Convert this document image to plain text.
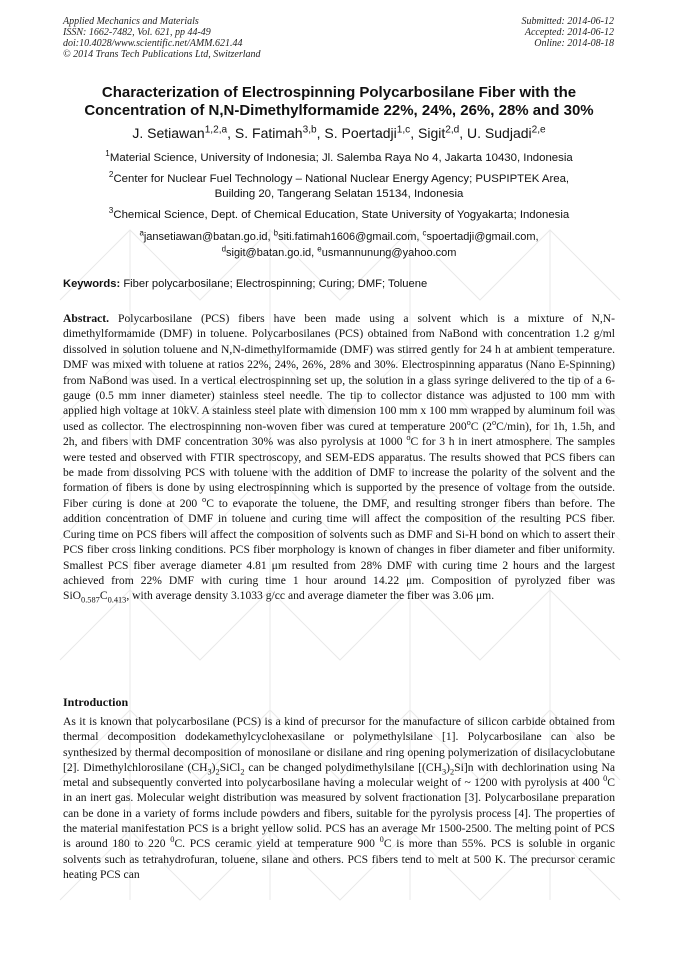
Applied Mechanics and Materials
ISSN: 1662-7482, Vol. 621, pp 44-49
doi:10.4028/www.scientific.net/AMM.621.44
© 2014 Trans Tech Publications Ltd, Switzerland
Submitted: 2014-06-12
Accepted: 2014-06-12
Online: 2014-08-18
Characterization of Electrospinning Polycarbosilane Fiber with the
Concentration of N,N-Dimethylformamide 22%, 24%, 26%, 28% and 30%
J. Setiawan$^{1,2,a}$, S. Fatimah$^{3,b}$, S. Poertadji$^{1,c}$, Sigit$^{2,d}$, U. Sudjadi$^{2,e}$
$^1$Material Science, University of Indonesia; Jl. Salemba Raya No 4, Jakarta 10430, Indonesia
$^2$Center for Nuclear Fuel Technology – National Nuclear Energy Agency; PUSPIPTEK Area,
Building 20, Tangerang Selatan 15134, Indonesia
$^3$Chemical Science, Dept. of Chemical Education, State University of Yogyakarta; Indonesia
$^a$jansetiawan@batan.go.id, $^b$siti.fatimah1606@gmail.com, $^c$spoertadji@gmail.com,
$^d$sigit@batan.go.id, $^e$usmannunung@yahoo.com
Keywords: Fiber polycarbosilane; Electrospinning; Curing; DMF; Toluene
Abstract. Polycarbosilane (PCS) fibers have been made using a solvent which is a mixture of N,N-dimethylformamide (DMF) in toluene. Polycarbosilanes (PCS) obtained from NaBond with concentration 1.2 g/ml dissolved in solution toluene and N,N-dimethylformamide (DMF) was stirred gently for 24 h at ambient temperature. DMF was mixed with toluene at ratios 22%, 24%, 26%, 28% and 30%. Electrospinning apparatus (Nano E-Spinning) from NaBond was used. In a vertical electrospinning set up, the solution in a glass syringe delivered to the tip of a 6-gauge (0.5 mm inner diameter) stainless steel needle. The tip to collector distance was adjusted to 100 mm with applied high voltage at 10kV. A stainless steel plate with dimension 100 mm x 100 mm wrapped by aluminum foil was used as collector. The electrospinning non-woven fiber was cured at temperature 200$^o$C (2$^o$C/min), for 1h, 1.5h, and 2h, and fibers with DMF concentration 30% was also pyrolysis at 1000 $^o$C for 3 h in inert atmosphere. The samples were tested and observed with FTIR spectroscopy, and SEM-EDS apparatus. The results showed that PCS fibers can be made from dissolving PCS with toluene with the addition of DMF to increase the polarity of the solvent and the formation of fibers is done by using electrospinning which is supported by the presence of voltage from the outside. Fiber curing is done at 200 $^o$C to evaporate the toluene, the DMF, and resulting stronger fibers than before. The addition concentration of DMF in toluene and curing time will affect the composition of the resulting PCS fiber. Curing time on PCS fibers will affect the composition of solvents such as DMF and Si-H bond on which to assert their PCS fiber cross linking conditions. PCS fiber morphology is known of changes in fiber diameter and fiber uniformity. Smallest PCS fiber average diameter 4.81 μm resulted from 28% DMF with curing time 2 hours and the largest achieved from 22% DMF with curing time 1 hour around 14.22 μm. Composition of pyrolyzed fiber was $SiO_{0.587}C_{0.413}$, with average density 3.1033 g/cc and average diameter the fiber was 3.06 μm.
Introduction
As it is known that polycarbosilane (PCS) is a kind of precursor for the manufacture of silicon carbide obtained from thermal decomposition dodekamethylcyclohexasilane or polymethylsilane [1]. Polycarbosilane can also be synthesized by thermal decomposition of monosilane or disilane and ring opening polymerization of disilacyclobutane [2]. Dimethylchlorosilane $(CH_3)_2SiCl_2$ can be changed polydimethylsilane $[(CH_3)_2Si]n$ with dechlorination using Na metal and subsequently converted into polycarbosilane having a molecular weight of ~ 1200 with pyrolysis at 400 $^0$C in an inert gas. Molecular weight distribution was measured by solvent fractionation [3]. Polycarbosilane preparation can be done in a variety of forms include powders and fibers, suitable for the pyrolysis process [4]. The properties of the material manifestation PCS is a bright yellow solid. PCS has an average Mr 1500-2500. The melting point of PCS is around 180 to 220 $^0$C. PCS ceramic yield at temperature 900 $^0$C is more than 55%. PCS is soluble in organic solvents such as tetrahydrofuran, toluene, silane and others. PCS fibers tend to melt at 500 K. The precursor ceramic heating PCS can
